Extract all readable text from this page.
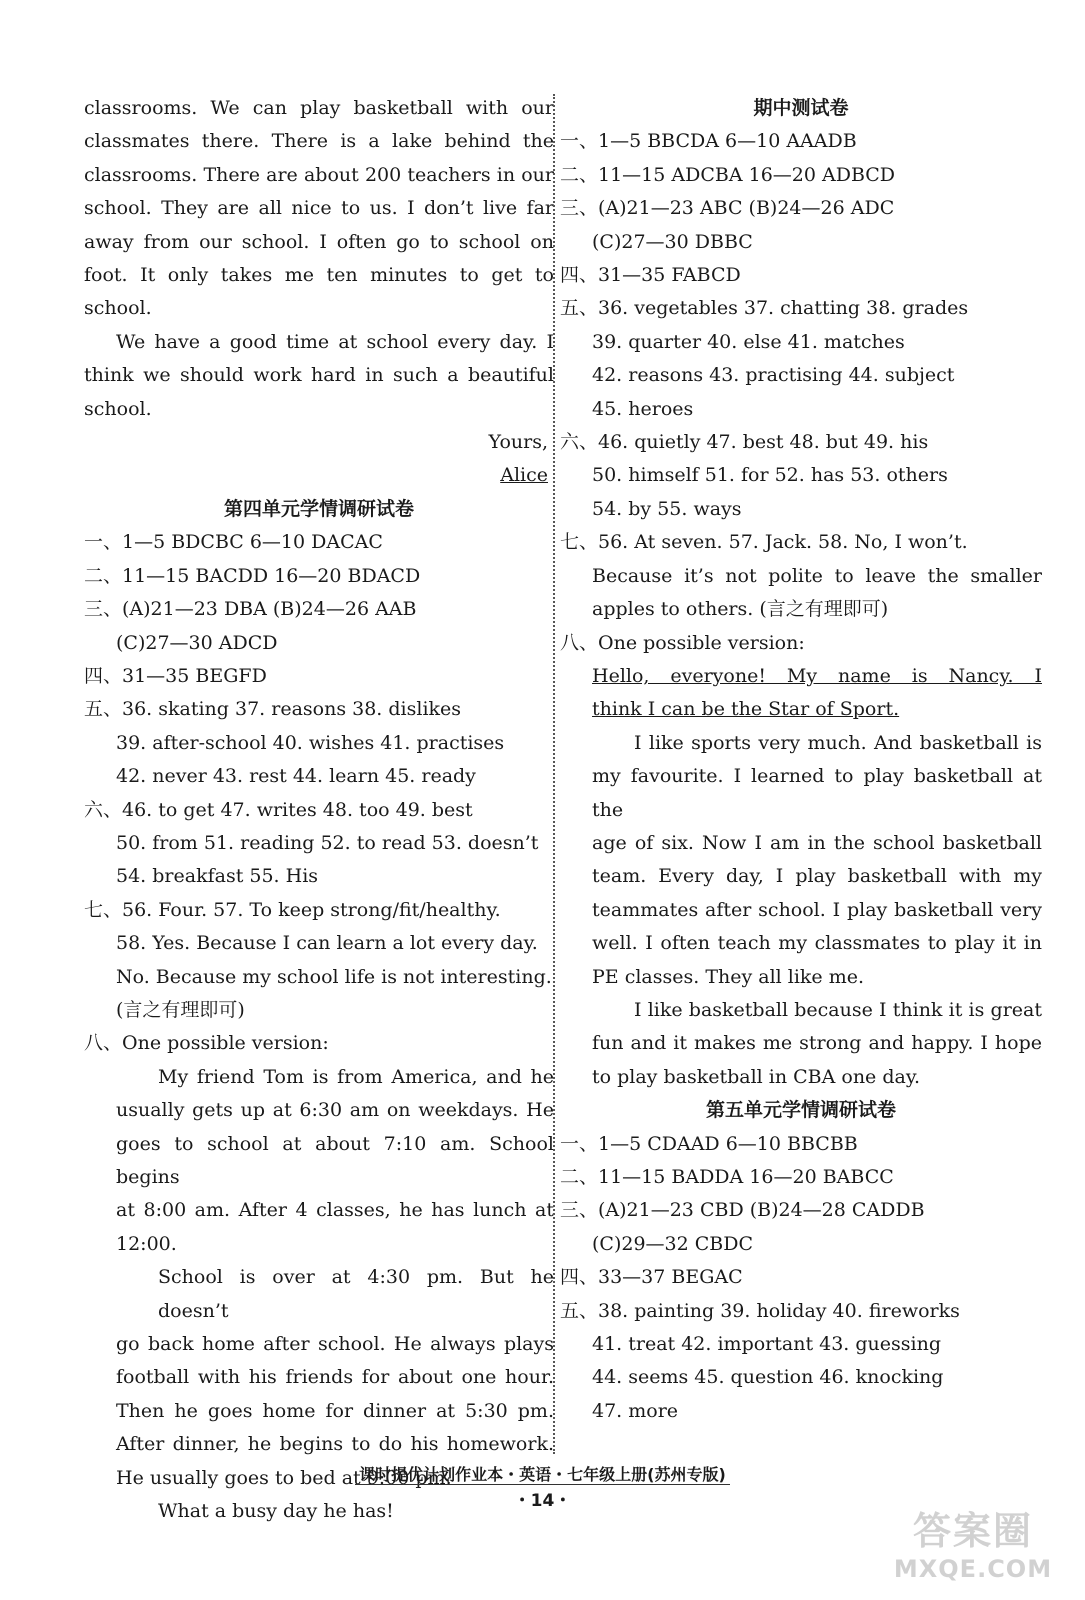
classrooms. We can play basketball with our
classmates there. There is a lake behind the
classrooms. There are about 200 teachers in our
school. They are all nice to us. I don’t live far
away from our school. I often go to school on
foot. It only takes me ten minutes to get to
school.
We have a good time at school every day. I
think we should work hard in such a beautiful
school.
Yours,
Alice
第四单元学情调研试卷
一、1—5 BDCBC 6—10 DACAC
二、11—15 BACDD 16—20 BDACD
三、(A)21—23 DBA (B)24—26 AAB
(C)27—30 ADCD
四、31—35 BEGFD
五、36. skating 37. reasons 38. dislikes
39. after-school 40. wishes 41. practises
42. never 43. rest 44. learn 45. ready
六、46. to get 47. writes 48. too 49. best
50. from 51. reading 52. to read 53. doesn’t
54. breakfast 55. His
七、56. Four. 57. To keep strong/fit/healthy.
58. Yes. Because I can learn a lot every day.
No. Because my school life is not interesting.
(言之有理即可)
八、One possible version:
My friend Tom is from America, and he
usually gets up at 6:30 am on weekdays. He
goes to school at about 7:10 am. School begins
at 8:00 am. After 4 classes, he has lunch at
12:00.
School is over at 4:30 pm. But he doesn’t
go back home after school. He always plays
football with his friends for about one hour.
Then he goes home for dinner at 5:30 pm.
After dinner, he begins to do his homework.
He usually goes to bed at 9:00 pm.
What a busy day he has!
期中测试卷
一、1—5 BBCDA 6—10 AAADB
二、11—15 ADCBA 16—20 ADBCD
三、(A)21—23 ABC (B)24—26 ADC
(C)27—30 DBBC
四、31—35 FABCD
五、36. vegetables 37. chatting 38. grades
39. quarter 40. else 41. matches
42. reasons 43. practising 44. subject
45. heroes
六、46. quietly 47. best 48. but 49. his
50. himself 51. for 52. has 53. others
54. by 55. ways
七、56. At seven. 57. Jack. 58. No, I won’t.
Because it’s not polite to leave the smaller
apples to others. (言之有理即可)
八、One possible version:
Hello, everyone! My name is Nancy. I
think I can be the Star of Sport.
I like sports very much. And basketball is
my favourite. I learned to play basketball at the
age of six. Now I am in the school basketball
team. Every day, I play basketball with my
teammates after school. I play basketball very
well. I often teach my classmates to play it in
PE classes. They all like me.
I like basketball because I think it is great
fun and it makes me strong and happy. I hope
to play basketball in CBA one day.
第五单元学情调研试卷
一、1—5 CDAAD 6—10 BBCBB
二、11—15 BADDA 16—20 BABCC
三、(A)21—23 CBD (B)24—28 CADDB
(C)29—32 CBDC
四、33—37 BEGAC
五、38. painting 39. holiday 40. fireworks
41. treat 42. important 43. guessing
44. seems 45. question 46. knocking
47. more
课时提优计划作业本・英语・七年级上册(苏州专版)
・14・
答案圈
MXQE.COM
